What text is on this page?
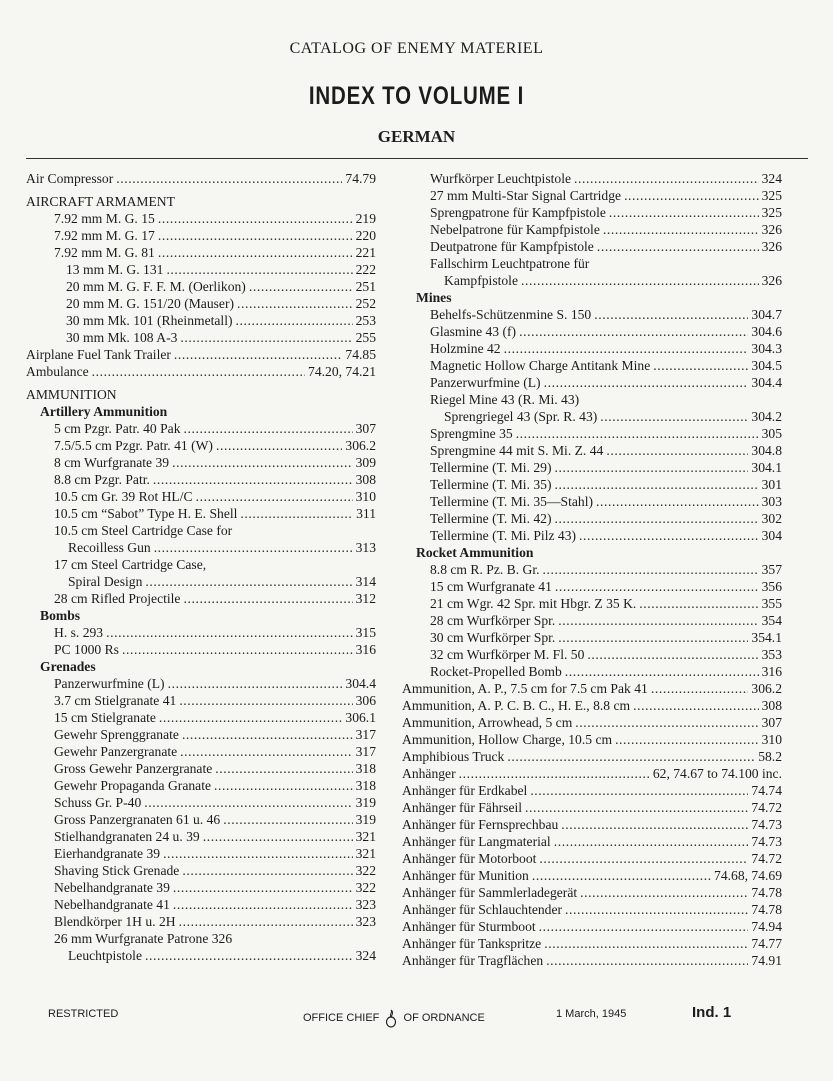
CATALOG OF ENEMY MATERIEL
INDEX TO VOLUME I
GERMAN
Air Compressor . . .	74.79
AIRCRAFT ARMAMENT
7.92 mm M. G. 15 . . .	219
7.92 mm M. G. 17 . . .	220
7.92 mm M. G. 81 . . .	221
13 mm M. G. 131 . . .	222
20 mm M. G. F. F. M. (Oerlikon) . . .	251
20 mm M. G. 151/20 (Mauser) . . .	252
30 mm Mk. 101 (Rheinmetall) . . .	253
30 mm Mk. 108 A-3 . . .	255
Airplane Fuel Tank Trailer . . .	74.85
Ambulance . . .	74.20, 74.21
AMMUNITION
Artillery Ammunition
5 cm Pzgr. Patr. 40 Pak . . .	307
7.5/5.5 cm Pzgr. Patr. 41 (W) . . .	306.2
8 cm Wurfgranate 39 . . .	309
8.8 cm Pzgr. Patr. . . .	308
10.5 cm Gr. 39 Rot HL/C . . .	310
10.5 cm “Sabot” Type H. E. Shell . . .	311
10.5 cm Steel Cartridge Case for
Recoilless Gun . . .	313
17 cm Steel Cartridge Case,
Spiral Design . . .	314
28 cm Rifled Projectile . . .	312
Bombs
H. s. 293 . . .	315
PC 1000 Rs . . .	316
Grenades
Panzerwurfmine (L) . . .	304.4
3.7 cm Stielgranate 41 . . .	306
15 cm Stielgranate . . .	306.1
Gewehr Sprenggranate . . .	317
Gewehr Panzergranate . . .	317
Gross Gewehr Panzergranate . . .	318
Gewehr Propaganda Granate . . .	318
Schuss Gr. P-40 . . .	319
Gross Panzergranaten 61 u. 46 . . .	319
Stielhandgranaten 24 u. 39 . . .	321
Eierhandgranate 39 . . .	321
Shaving Stick Grenade . . .	322
Nebelhandgranate 39 . . .	322
Nebelhandgranate 41 . . .	323
Blendkörper 1H u. 2H . . .	323
26 mm Wurfgranate Patrone 326
Leuchtpistole . . .	324
Wurfkörper Leuchtpistole . . .	324
27 mm Multi-Star Signal Cartridge . . .	325
Sprengpatrone für Kampfpistole . . .	325
Nebelpatrone für Kampfpistole . . .	326
Deutpatrone für Kampfpistole . . .	326
Fallschirm Leuchtpatrone für
Kampfpistole . . .	326
Mines
Behelfs-Schützenmine S. 150 . . .	304.7
Glasmine 43 (f) . . .	304.6
Holzmine 42 . . .	304.3
Magnetic Hollow Charge Antitank Mine . . .	304.5
Panzerwurfmine (L) . . .	304.4
Riegel Mine 43 (R. Mi. 43)
Sprengriegel 43 (Spr. R. 43) . . .	304.2
Sprengmine 35 . . .	305
Sprengmine 44 mit S. Mi. Z. 44 . . .	304.8
Tellermine (T. Mi. 29) . . .	304.1
Tellermine (T. Mi. 35) . . .	301
Tellermine (T. Mi. 35—Stahl) . . .	303
Tellermine (T. Mi. 42) . . .	302
Tellermine (T. Mi. Pilz 43) . . .	304
Rocket Ammunition
8.8 cm R. Pz. B. Gr. . . .	357
15 cm Wurfgranate 41 . . .	356
21 cm Wgr. 42 Spr. mit Hbgr. Z 35 K. . . .	355
28 cm Wurfkörper Spr. . . .	354
30 cm Wurfkörper Spr. . . .	354.1
32 cm Wurfkörper M. Fl. 50 . . .	353
Rocket-Propelled Bomb . . .	316
Ammunition, A. P., 7.5 cm for 7.5 cm Pak 41 . . .	306.2
Ammunition, A. P. C. B. C., H. E., 8.8 cm . . .	308
Ammunition, Arrowhead, 5 cm . . .	307
Ammunition, Hollow Charge, 10.5 cm . . .	310
Amphibious Truck . . .	58.2
Anhänger . . .	62, 74.67 to 74.100 inc.
Anhänger für Erdkabel . . .	74.74
Anhänger für Fährseil . . .	74.72
Anhänger für Fernsprechbau . . .	74.73
Anhänger für Langmaterial . . .	74.73
Anhänger für Motorboot . . .	74.72
Anhänger für Munition . . .	74.68, 74.69
Anhänger für Sammlerladegerät . . .	74.78
Anhänger für Schlauchtender . . .	74.78
Anhänger für Sturmboot . . .	74.94
Anhänger für Tankspritze . . .	74.77
Anhänger für Tragflächen . . .	74.91
RESTRICTED	OFFICE CHIEF OF ORDNANCE	1 March, 1945	Ind. 1
